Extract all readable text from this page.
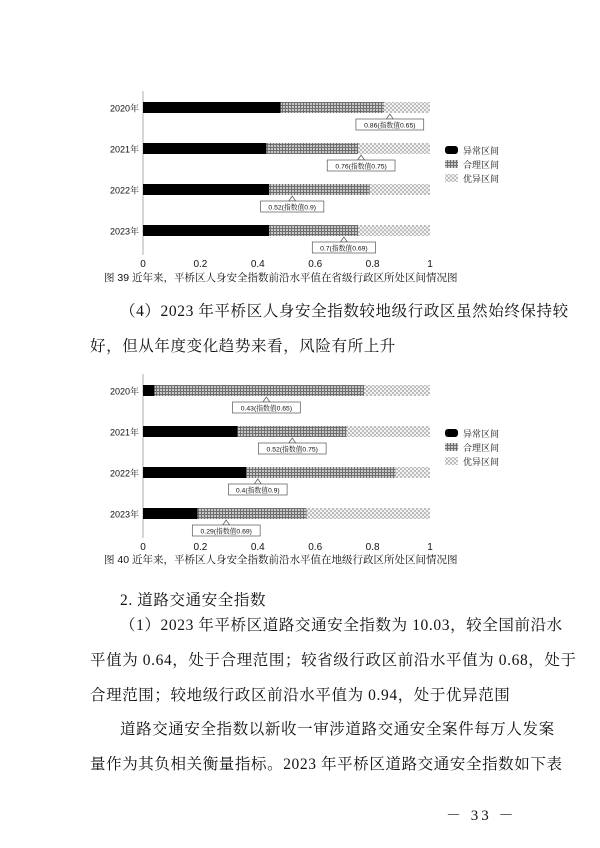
2020年
0.86(指数值0.65)
2021年
0.76(指数值0.75)
2022年
0.52(指数值0.9)
2023年
0.7(指数值0.69)
0	0.2	0.4	0.6	0.8	1
异常区间
合理区间
优异区间
图 39 近年来，平桥区人身安全指数前沿水平值在省级行政区所处区间情况图
（4）2023 年平桥区人身安全指数较地级行政区虽然始终保持较
好，但从年度变化趋势来看，风险有所上升
2020年
0.43(指数值0.65)
2021年
0.52(指数值0.75)
2022年
0.4(指数值0.9)
2023年
0.29(指数值0.69)
0	0.2	0.4	0.6	0.8	1
异常区间
合理区间
优异区间
图 40 近年来，平桥区人身安全指数前沿水平值在地级行政区所处区间情况图
2. 道路交通安全指数
（1）2023 年平桥区道路交通安全指数为 10.03，较全国前沿水
平值为 0.64，处于合理范围；较省级行政区前沿水平值为 0.68，处于
合理范围；较地级行政区前沿水平值为 0.94，处于优异范围
道路交通安全指数以新收一审涉道路交通安全案件每万人发案
量作为其负相关衡量指标。2023 年平桥区道路交通安全指数如下表
－ 33 －
